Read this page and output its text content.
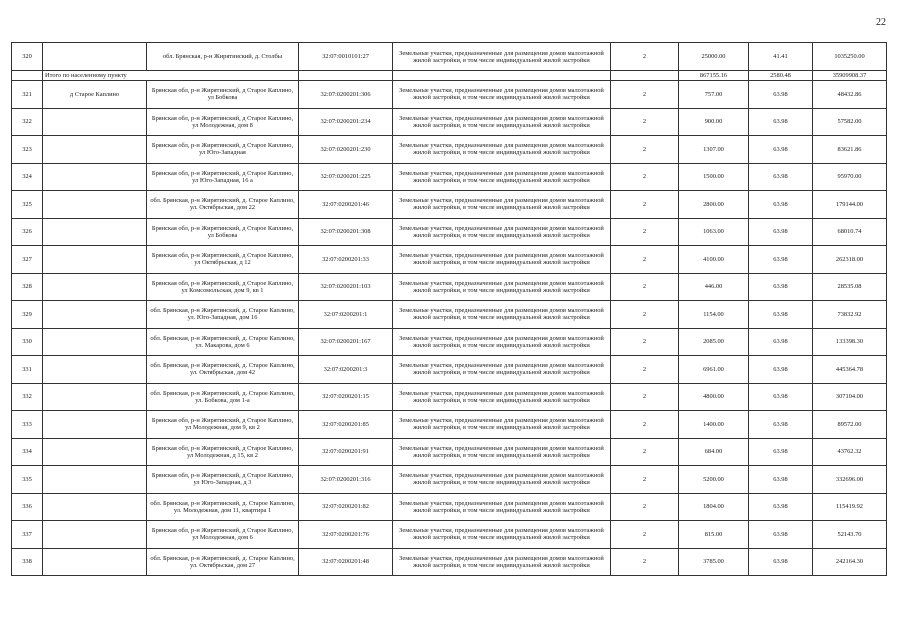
22
320		обл. Брянская, р-н Жирятинский, д. Столбы	32:07:0010101:27	Земельные участки, предназначенные для размещения домов малоэтажной жилой застройки, в том числе индивидуальной жилой застройки	2	25000.00	41.41	1035250.00
	Итого по населенному пункту					867155.16	2580.48	35909908.37
321	д Старое Каплино	Брянская обл, р-н Жирятинский, д Старое Каплино, ул Бобкова	32:07:0200201:306	Земельные участки, предназначенные для размещения домов малоэтажной жилой застройки, в том числе индивидуальной жилой застройки	2	757.00	63.98	48432.86
322		Брянская обл, р-н Жирятинский, д Старое Каплино, ул Молодежная, дом 8	32:07:0200201:234	Земельные участки, предназначенные для размещения домов малоэтажной жилой застройки, в том числе индивидуальной жилой застройки	2	900.00	63.98	57582.00
323		Брянская обл, р-н Жирятинский, д Старое Каплино, ул Юго-Западная	32:07:0200201:230	Земельные участки, предназначенные для размещения домов малоэтажной жилой застройки, в том числе индивидуальной жилой застройки	2	1307.00	63.98	83621.86
324		Брянская обл, р-н Жирятинский, д Старое Каплино, ул Юго-Западная, 16 а	32:07:0200201:225	Земельные участки, предназначенные для размещения домов малоэтажной жилой застройки, в том числе индивидуальной жилой застройки	2	1500.00	63.98	95970.00
325		обл. Брянская, р-н Жирятинский, д. Старое Каплино, ул. Октябрьская, дом 22	32:07:0200201:46	Земельные участки, предназначенные для размещения домов малоэтажной жилой застройки, в том числе индивидуальной жилой застройки	2	2800.00	63.98	179144.00
326		Брянская обл, р-н Жирятинский, д Старое Каплино, ул Бобкова	32:07:0200201:308	Земельные участки, предназначенные для размещения домов малоэтажной жилой застройки, в том числе индивидуальной жилой застройки	2	1063.00	63.98	68010.74
327		Брянская обл, р-н Жирятинский, д Старое Каплино, ул Октябрьская, д 12	32:07:0200201:33	Земельные участки, предназначенные для размещения домов малоэтажной жилой застройки, в том числе индивидуальной жилой застройки	2	4100.00	63.98	262318.00
328		Брянская обл, р-н Жирятинский, д Старое Каплино, ул Комсомольская, дом 9, кв 1	32:07:0200201:103	Земельные участки, предназначенные для размещения домов малоэтажной жилой застройки, в том числе индивидуальной жилой застройки	2	446.00	63.98	28535.08
329		обл. Брянская, р-н Жирятинский, д. Старое Каплино, ул. Юго-Западная, дом 16	32:07:0200201:1	Земельные участки, предназначенные для размещения домов малоэтажной жилой застройки, в том числе индивидуальной жилой застройки	2	1154.00	63.98	73832.92
330		обл. Брянская, р-н Жирятинский, д. Старое Каплино, ул. Макарова, дом 6	32:07:0200201:167	Земельные участки, предназначенные для размещения домов малоэтажной жилой застройки, в том числе индивидуальной жилой застройки	2	2085.00	63.98	133398.30
331		обл. Брянская, р-н Жирятинский, д. Старое Каплино, ул. Октябрьская, дом 42	32:07:0200201:3	Земельные участки, предназначенные для размещения домов малоэтажной жилой застройки, в том числе индивидуальной жилой застройки	2	6961.00	63.98	445364.78
332		обл. Брянская, р-н Жирятинский, д. Старое Каплино, ул. Бобкова, дом 1-а	32:07:0200201:15	Земельные участки, предназначенные для размещения домов малоэтажной жилой застройки, в том числе индивидуальной жилой застройки	2	4800.00	63.98	307104.00
333		Брянская обл, р-н Жирятинский, д Старое Каплино, ул Молодежная, дом 9, кв 2	32:07:0200201:85	Земельные участки, предназначенные для размещения домов малоэтажной жилой застройки, в том числе индивидуальной жилой застройки	2	1400.00	63.98	89572.00
334		Брянская обл, р-н Жирятинский, д Старое Каплино, ул Молодежная, д 15, кв 2	32:07:0200201:91	Земельные участки, предназначенные для размещения домов малоэтажной жилой застройки, в том числе индивидуальной жилой застройки	2	684.00	63.98	43762.32
335		Брянская обл, р-н Жирятинский, д Старое Каплино, ул Юго-Западная, д 3	32:07:0200201:316	Земельные участки, предназначенные для размещения домов малоэтажной жилой застройки, в том числе индивидуальной жилой застройки	2	5200.00	63.98	332696.00
336		обл. Брянская, р-н Жирятинский, д. Старое Каплино, ул. Молодежная, дом 11, квартира 1	32:07:0200201:82	Земельные участки, предназначенные для размещения домов малоэтажной жилой застройки, в том числе индивидуальной жилой застройки	2	1804.00	63.98	115419.92
337		Брянская обл, р-н Жирятинский, д Старое Каплино, ул Молодежная, дом 6	32:07:0200201:76	Земельные участки, предназначенные для размещения домов малоэтажной жилой застройки, в том числе индивидуальной жилой застройки	2	815.00	63.98	52143.70
338		обл. Брянская, р-н Жирятинский, д. Старое Каплино, ул. Октябрьская, дом 27	32:07:0200201:48	Земельные участки, предназначенные для размещения домов малоэтажной жилой застройки, в том числе индивидуальной жилой застройки	2	3785.00	63.98	242164.30
